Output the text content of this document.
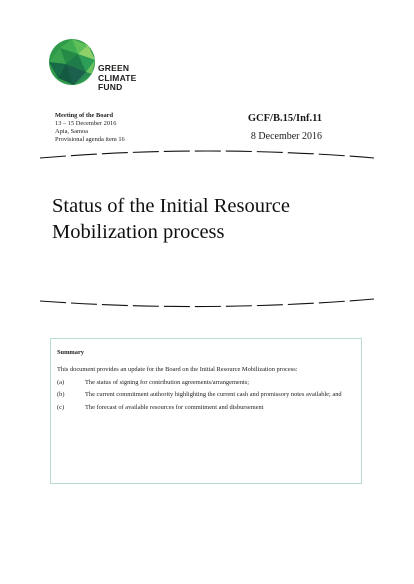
GREEN
CLIMATE
FUND
Meeting of the Board
13 – 15 December 2016
Apia, Samoa
Provisional agenda item 16
GCF/B.15/Inf.11
8 December 2016
Status of the Initial Resource
Mobilization process
Summary
This document provides an update for the Board on the Initial Resource Mobilization process:
(a)	The status of signing for contribution agreements/arrangements;
(b)	The current commitment authority highlighting the current cash and promissory notes available; and
(c)	The forecast of available resources for commitment and disbursement
